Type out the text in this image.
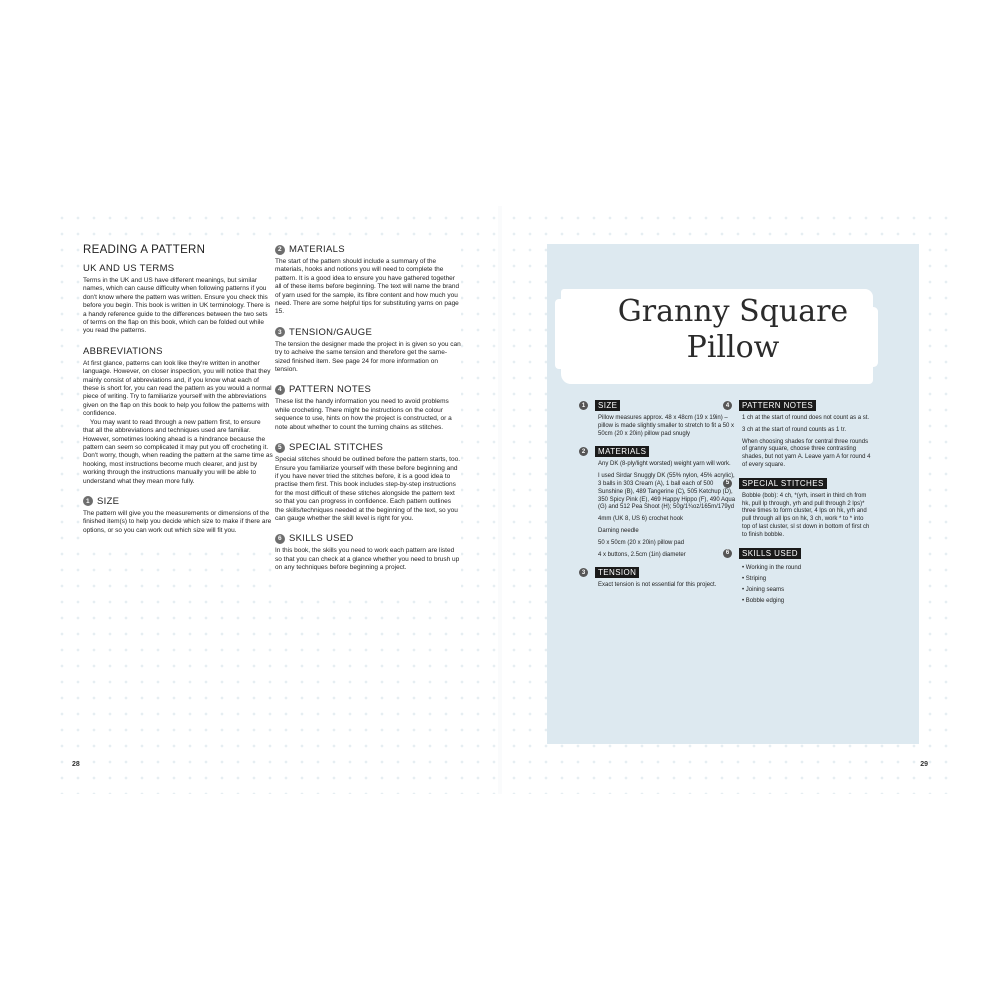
READING A PATTERN
UK AND US TERMS

Terms in the UK and US have different meanings, but similar names, which can cause difficulty when following patterns if you don't know where the pattern was written. Ensure you check this before you begin. This book is written in UK terminology. There is a handy reference guide to the differences between the two sets of terms on the flap on this book, which can be folded out while you read the patterns.

ABBREVIATIONS

At first glance, patterns can look like they're written in another language. However, on closer inspection, you will notice that they mainly consist of abbreviations and, if you know what each of these is short for, you can read the pattern as you would a normal piece of writing. Try to familiarize yourself with the abbreviations given on the flap on this book to help you follow the patterns with confidence.

You may want to read through a new pattern first, to ensure that all the abbreviations and techniques used are familiar. However, sometimes looking ahead is a hindrance because the pattern can seem so complicated it may put you off crocheting it. Don't worry, though, when reading the pattern at the same time as hooking, most instructions become much clearer, and just by working through the instructions manually you will be able to understand what they mean more fully.

1 SIZE

The pattern will give you the measurements or dimensions of the finished item(s) to help you decide which size to make if there are options, or so you can work out which size will fit you.

2 MATERIALS

The start of the pattern should include a summary of the materials, hooks and notions you will need to complete the pattern. It is a good idea to ensure you have gathered together all of these items before beginning. The text will name the brand of yarn used for the sample, its fibre content and how much you need. There are some helpful tips for substituting yarns on page 15.

3 TENSION/GAUGE

The tension the designer made the project in is given so you can try to acheive the same tension and therefore get the same-sized finished item. See page 24 for more information on tension.

4 PATTERN NOTES

These list the handy information you need to avoid problems while crocheting. There might be instructions on the colour sequence to use, hints on how the project is constructed, or a note about whether to count the turning chains as stitches.

5 SPECIAL STITCHES

Special stitches should be outlined before the pattern starts, too. Ensure you familiarize yourself with these before beginning and if you have never tried the stitches before, it is a good idea to practise them first. This book includes step-by-step instructions for the most difficult of these stitches alongside the pattern text so that you can progress in confidence. Each pattern outlines the skills/techniques needed at the beginning of the text, so you can gauge whether the skill level is right for you.

6 SKILLS USED

In this book, the skills you need to work each pattern are listed so that you can check at a glance whether you need to brush up on any techniques before beginning a project.

28
Granny Square
Pillow
1	SIZE

Pillow measures approx. 48 x 48cm (19 x 19in) – pillow is made slightly smaller to stretch to fit a 50 x 50cm (20 x 20in) pillow pad snugly

2	MATERIALS

Any DK (8-ply/light worsted) weight yarn will work.

I used Sirdar Snuggly DK (55% nylon, 45% acrylic), 3 balls in 303 Cream (A), 1 ball each of 500 Sunshine (B), 489 Tangerine (C), 505 Ketchup (D), 350 Spicy Pink (E), 469 Happy Hippo (F), 490 Aqua (G) and 512 Pea Shoot (H); 50g/1¾oz/165m/179yd

4mm (UK 8, US 6) crochet hook

Darning needle

50 x 50cm (20 x 20in) pillow pad

4 x buttons, 2.5cm (1in) diameter

3	TENSION

Exact tension is not essential for this project.

4	PATTERN NOTES

1 ch at the start of round does not count as a st.

3 ch at the start of round counts as 1 tr.

When choosing shades for central three rounds of granny square, choose three contrasting shades, but not yarn A. Leave yarn A for round 4 of every square.

5	SPECIAL STITCHES

Bobble (bob): 4 ch, *(yrh, insert in third ch from hk, pull lp through, yrh and pull through 2 lps)* three times to form cluster, 4 lps on hk, yrh and pull through all lps on hk, 3 ch, work * to * into top of last cluster, sl st down in bottom of first ch to finish bobble.

6	SKILLS USED
• Working in the round
• Striping
• Joining seams
• Bobble edging
29
